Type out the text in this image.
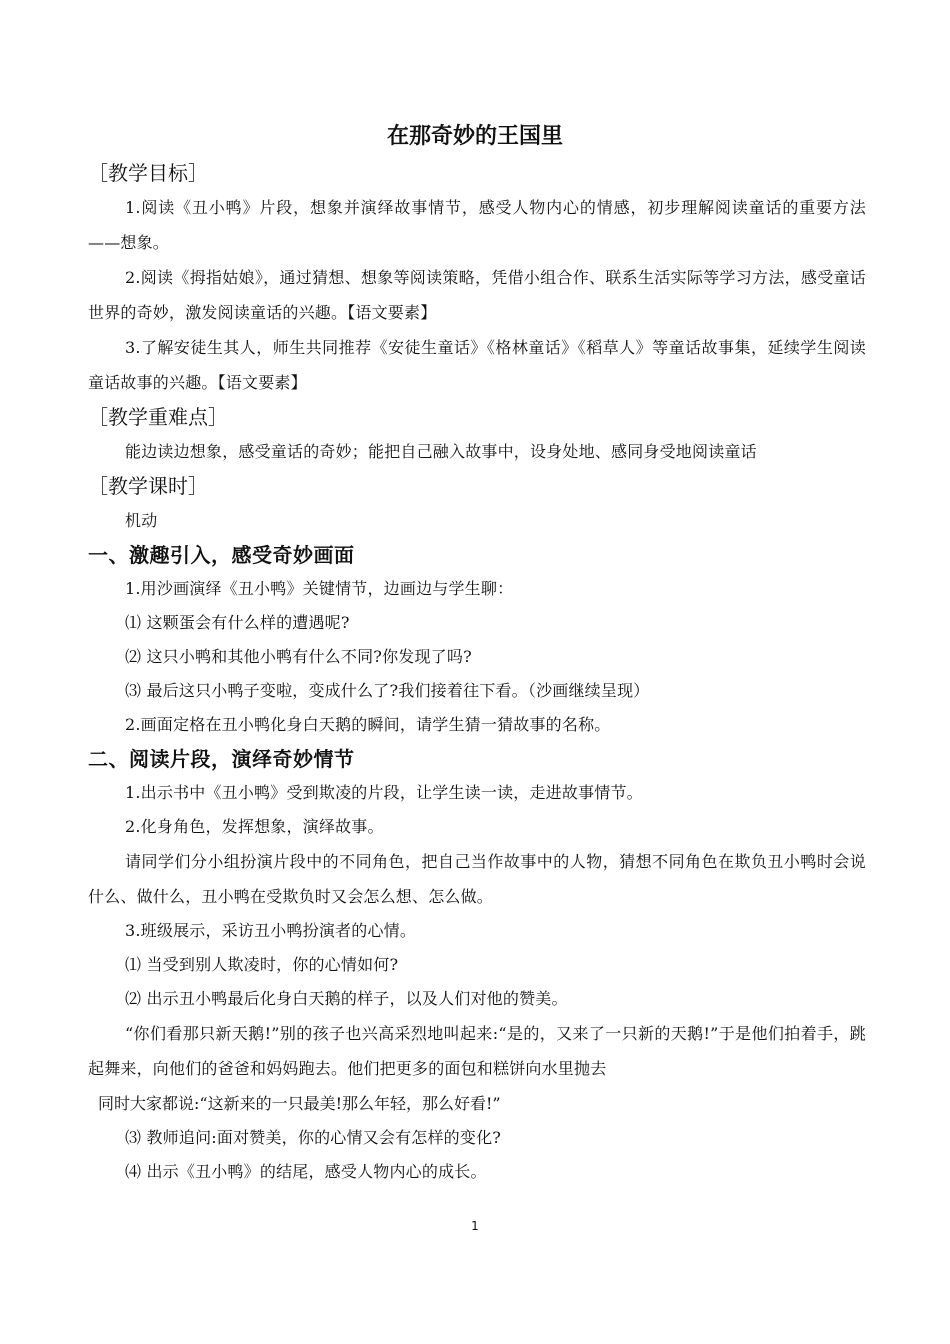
在那奇妙的王国里
［教学目标］

1.阅读《丑小鸭》片段，想象并演绎故事情节，感受人物内心的情感，初步理解阅读童话的重要方法——想象。

2.阅读《拇指姑娘》，通过猜想、想象等阅读策略，凭借小组合作、联系生活实际等学习方法，感受童话世界的奇妙，激发阅读童话的兴趣。【语文要素】

3.了解安徒生其人，师生共同推荐《安徒生童话》《格林童话》《稻草人》等童话故事集，延续学生阅读童话故事的兴趣。【语文要素】

［教学重难点］

能边读边想象，感受童话的奇妙；能把自己融入故事中，设身处地、感同身受地阅读童话

［教学课时］

机动

一、激趣引入，感受奇妙画面

1.用沙画演绎《丑小鸭》关键情节，边画边与学生聊：

⑴ 这颗蛋会有什么样的遭遇呢?

⑵ 这只小鸭和其他小鸭有什么不同?你发现了吗?

⑶ 最后这只小鸭子变啦，变成什么了?我们接着往下看。（沙画继续呈现）

2.画面定格在丑小鸭化身白天鹅的瞬间，请学生猜一猜故事的名称。

二、阅读片段，演绎奇妙情节

1.出示书中《丑小鸭》受到欺凌的片段，让学生读一读，走进故事情节。

2.化身角色，发挥想象，演绎故事。

请同学们分小组扮演片段中的不同角色，把自己当作故事中的人物，猜想不同角色在欺负丑小鸭时会说什么、做什么，丑小鸭在受欺负时又会怎么想、怎么做。

3.班级展示，采访丑小鸭扮演者的心情。

⑴ 当受到别人欺凌时，你的心情如何?

⑵ 出示丑小鸭最后化身白天鹅的样子，以及人们对他的赞美。

“你们看那只新天鹅!”别的孩子也兴高采烈地叫起来:“是的，又来了一只新的天鹅!”于是他们拍着手，跳起舞来，向他们的爸爸和妈妈跑去。他们把更多的面包和糕饼向水里抛去

同时大家都说:“这新来的一只最美!那么年轻，那么好看!”

⑶ 教师追问:面对赞美，你的心情又会有怎样的变化?

⑷ 出示《丑小鸭》的结尾，感受人物内心的成长。

1
